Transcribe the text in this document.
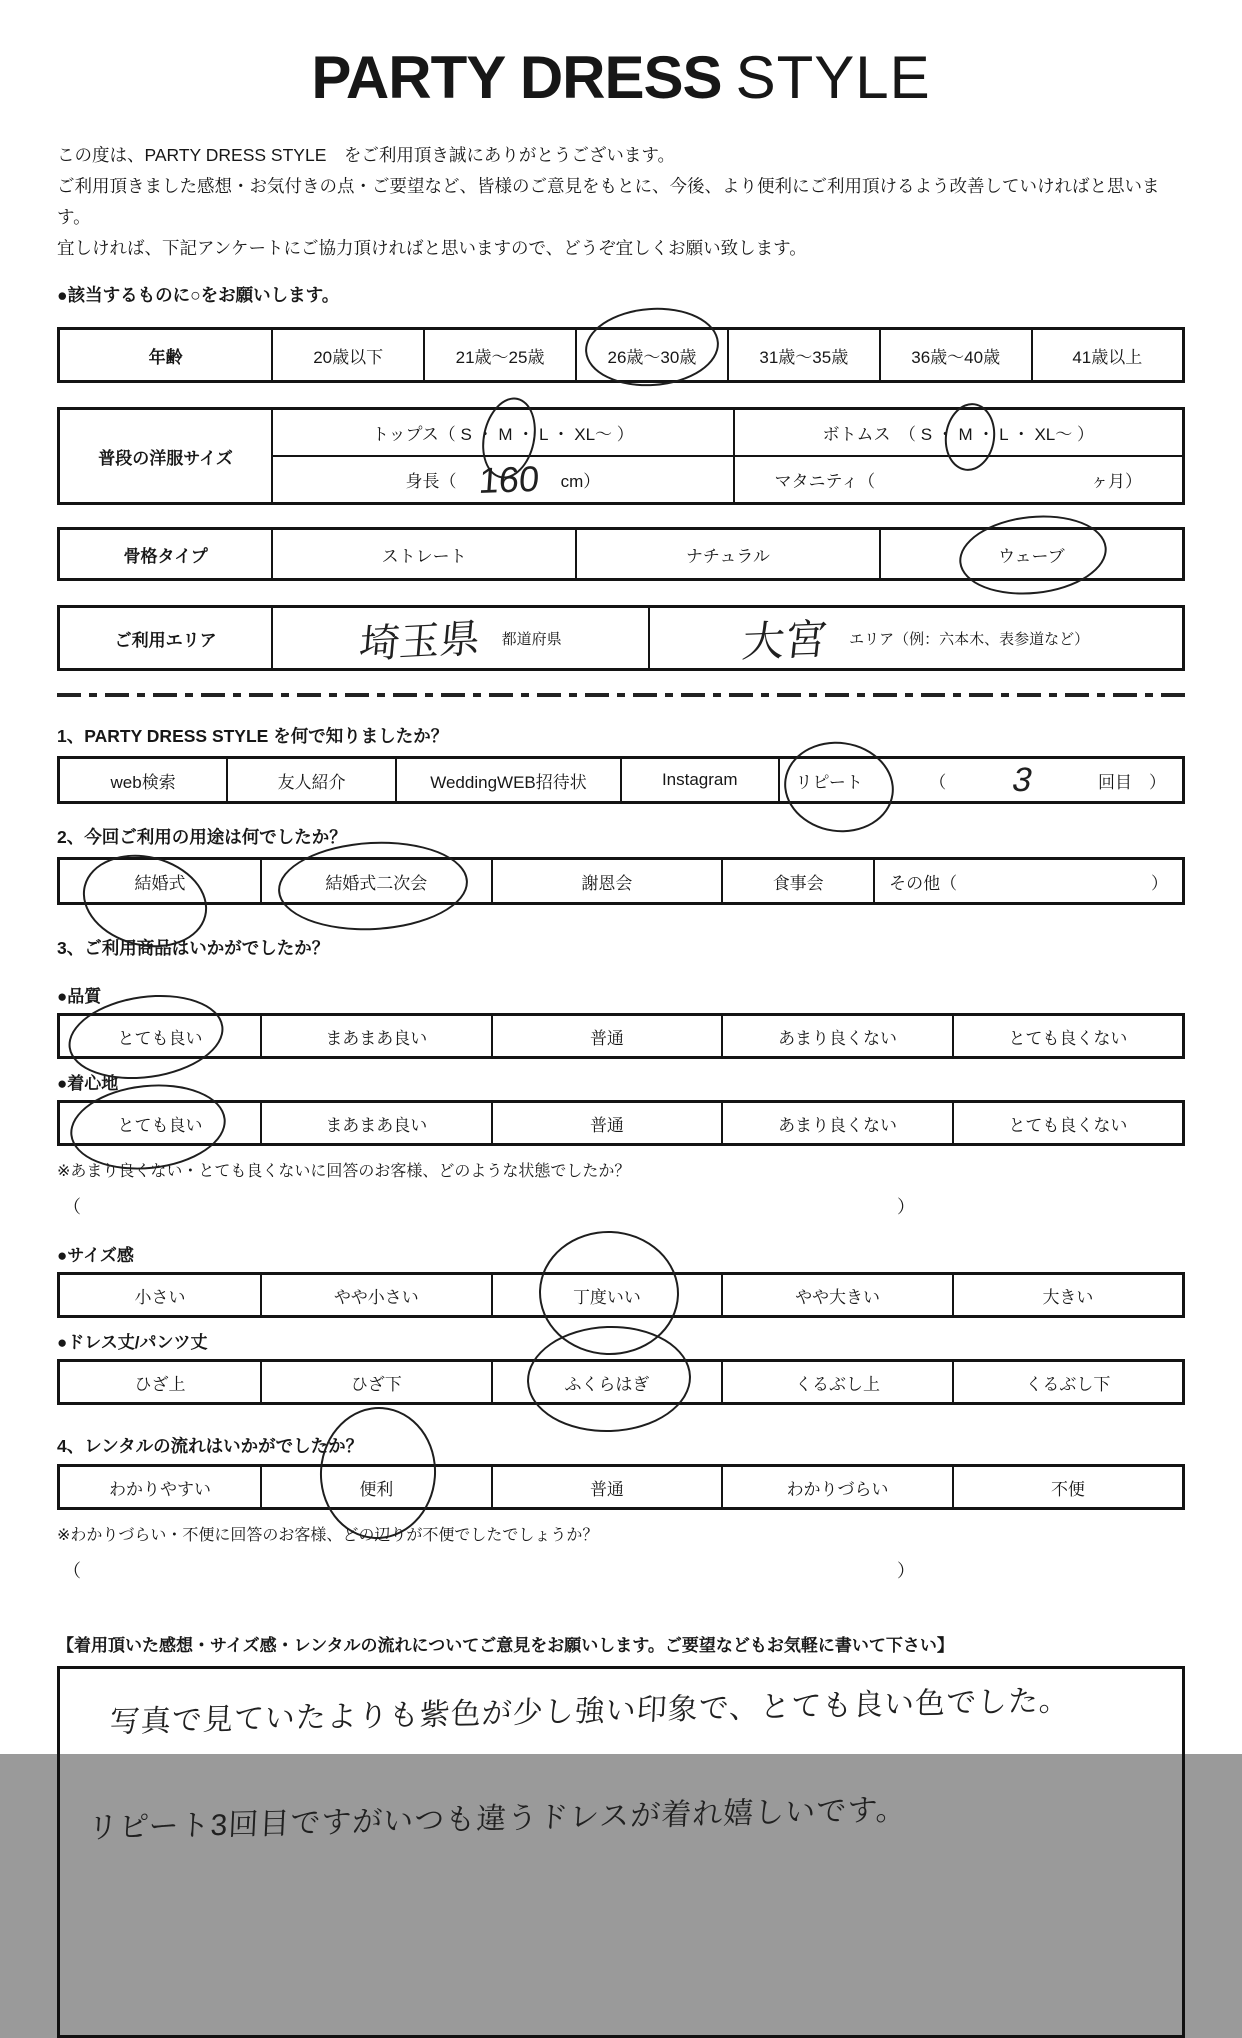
PARTY DRESS STYLE
この度は、PARTY DRESS STYLE　をご利用頂き誠にありがとうございます。
ご利用頂きました感想・お気付きの点・ご要望など、皆様のご意見をもとに、今後、より便利にご利用頂けるよう改善していければと思います。
宜しければ、下記アンケートにご協力頂ければと思いますので、どうぞ宜しくお願い致します。
●該当するものに○をお願いします。
年齢	20歳以下	21歳～25歳	26歳～30歳	31歳～35歳	36歳～40歳	41歳以上
普段の洋服サイズ	トップス（ S ・ M ・ L ・ XL～ ）	ボトムス　（ S ・ M ・ L ・ XL～ ）

	身長（ 160 cm）	マタニティ（ ヶ月）
骨格タイプ	ストレート	ナチュラル	ウェーブ
ご利用エリア	埼玉県 都道府県	大宮 エリア（例：六本木、表参道など）
1、PARTY DRESS STYLE を何で知りましたか？
web検索	友人紹介	WeddingWEB招待状	Instagram	リピート	（ 3	回目　）
2、今回ご利用の用途は何でしたか？
結婚式	結婚式二次会	謝恩会	食事会	その他（	）
3、ご利用商品はいかがでしたか？
●品質
とても良い	まあまあ良い	普通	あまり良くない	とても良くない
●着心地
とても良い	まあまあ良い	普通	あまり良くない	とても良くない
※あまり良くない・とても良くないに回答のお客様、どのような状態でしたか？
（	）
●サイズ感
小さい	やや小さい	丁度いい	やや大きい	大きい
●ドレス丈/パンツ丈
ひざ上	ひざ下	ふくらはぎ	くるぶし上	くるぶし下
4、レンタルの流れはいかがでしたか？
わかりやすい	便利	普通	わかりづらい	不便
※わかりづらい・不便に回答のお客様、どの辺りが不便でしたでしょうか？
（	）
【着用頂いた感想・サイズ感・レンタルの流れについてご意見をお願いします。ご要望などもお気軽に書いて下さい】
写真で見ていたよりも紫色が少し強い印象で、とても良い色でした。 リピート3回目ですがいつも違うドレスが着れ嬉しいです。
